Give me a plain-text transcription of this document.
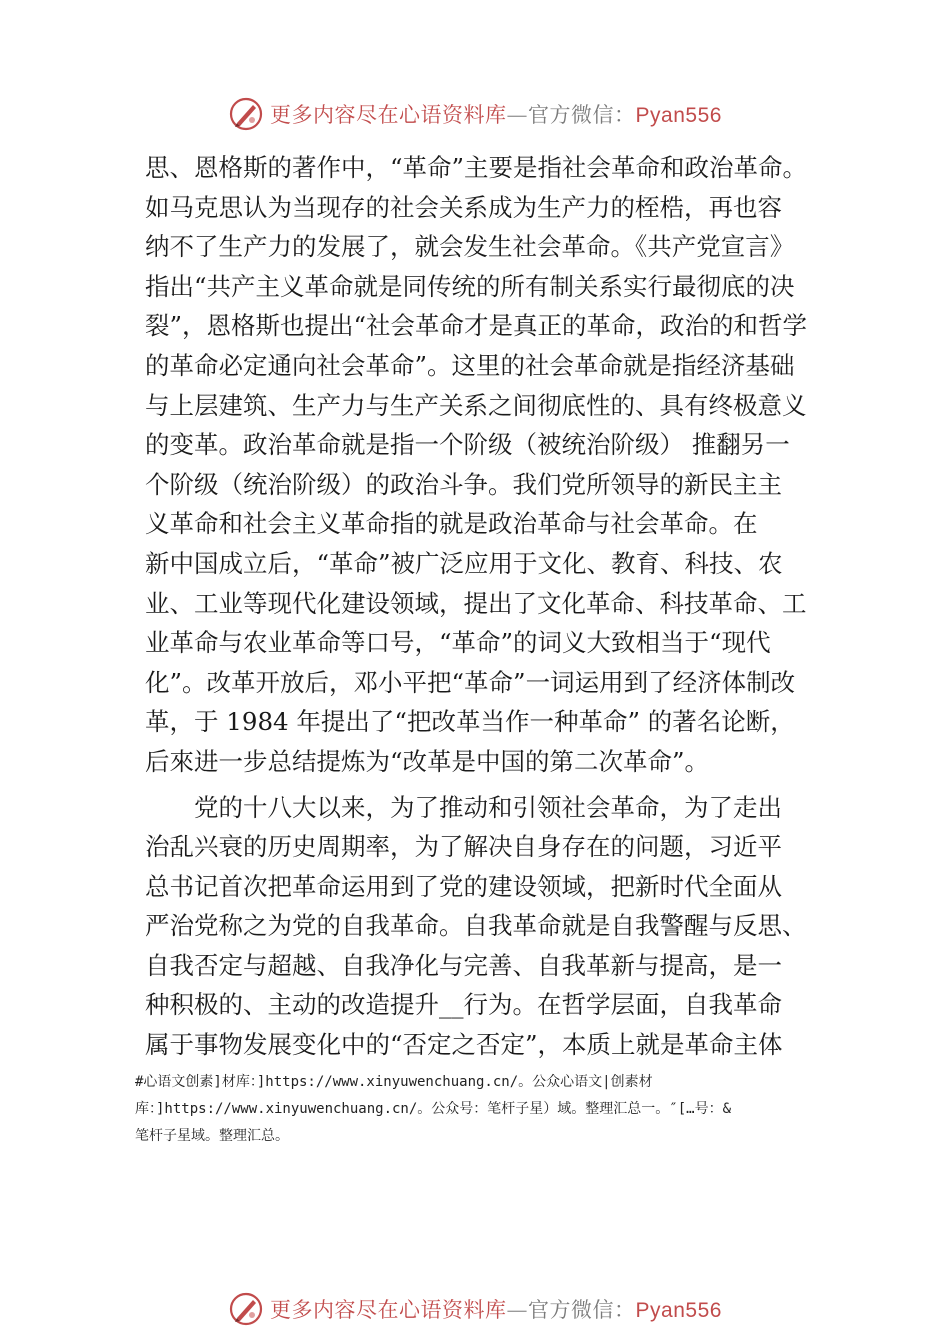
更多内容尽在心语资料库—官方微信：Pyan556
思、恩格斯的著作中，“革命”主要是指社会革命和政治革命。
如马克思认为当现存的社会关系成为生产力的桎梏，再也容
纳不了生产力的发展了，就会发生社会革命。《共产党宣言》
指出“共产主义革命就是同传统的所有制关系实行最彻底的决
裂”，恩格斯也提出“社会革命才是真正的革命，政治的和哲学
的革命必定通向社会革命”。这里的社会革命就是指经济基础
与上层建筑、生产力与生产关系之间彻底性的、具有终极意义
的变革。政治革命就是指一个阶级（被统治阶级） 推翻另一
个阶级（统治阶级）的政治斗争。我们党所领导的新民主主
义革命和社会主义革命指的就是政治革命与社会革命。在
新中国成立后，“革命”被广泛应用于文化、教育、科技、农
业、工业等现代化建设领域，提出了文化革命、科技革命、工
业革命与农业革命等口号，“革命”的词义大致相当于“现代
化”。改革开放后，邓小平把“革命”一词运用到了经济体制改
革，于 1984 年提出了“把改革当作一种革命” 的著名论断，
后來进一步总结提炼为“改革是中国的第二次革命”。
党的十八大以来，为了推动和引领社会革命，为了走出
治乱兴衰的历史周期率，为了解决自身存在的问题，习近平
总书记首次把革命运用到了党的建设领域，把新时代全面从
严治党称之为党的自我革命。自我革命就是自我警醒与反思、
自我否定与超越、自我净化与完善、自我革新与提高，是一
种积极的、主动的改造提升__行为。在哲学层面，自我革命
属于事物发展变化中的“否定之否定”，本质上就是革命主体
#心语文创素]材库：]https://www.xinyuwenchuang.cn/。公众心语文|创素材
库：]https://www.xinyuwenchuang.cn/。公众号：笔杆子星）域。整理汇总一。″[…号：&
笔杆子星域。整理汇总。
更多内容尽在心语资料库—官方微信：Pyan556
